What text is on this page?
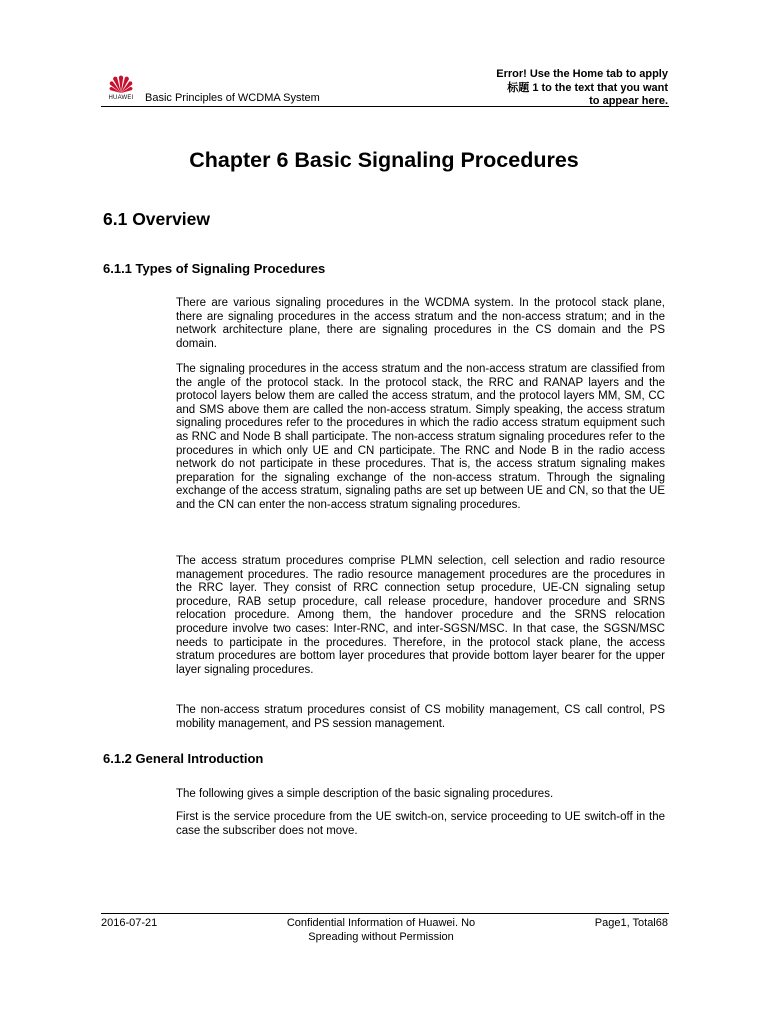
HUAWEI	Basic Principles of WCDMA System
Error! Use the Home tab to apply
标题 1 to the text that you want
to appear here.
Chapter 6 Basic Signaling Procedures
6.1 Overview
6.1.1 Types of Signaling Procedures
There are various signaling procedures in the WCDMA system. In the protocol stack plane, there are signaling procedures in the access stratum and the non-access stratum; and in the network architecture plane, there are signaling procedures in the CS domain and the PS domain.
The signaling procedures in the access stratum and the non-access stratum are classified from the angle of the protocol stack. In the protocol stack, the RRC and RANAP layers and the protocol layers below them are called the access stratum, and the protocol layers MM, SM, CC and SMS above them are called the non-access stratum. Simply speaking, the access stratum signaling procedures refer to the procedures in which the radio access stratum equipment such as RNC and Node B shall participate. The non-access stratum signaling procedures refer to the procedures in which only UE and CN participate. The RNC and Node B in the radio access network do not participate in these procedures. That is, the access stratum signaling makes preparation for the signaling exchange of the non-access stratum. Through the signaling exchange of the access stratum, signaling paths are set up between UE and CN, so that the UE and the CN can enter the non-access stratum signaling procedures.
The access stratum procedures comprise PLMN selection, cell selection and radio resource management procedures. The radio resource management procedures are the procedures in the RRC layer. They consist of RRC connection setup procedure, UE-CN signaling setup procedure, RAB setup procedure, call release procedure, handover procedure and SRNS relocation procedure. Among them, the handover procedure and the SRNS relocation procedure involve two cases: Inter-RNC, and inter-SGSN/MSC. In that case, the SGSN/MSC needs to participate in the procedures. Therefore, in the protocol stack plane, the access stratum procedures are bottom layer procedures that provide bottom layer bearer for the upper layer signaling procedures.
The non-access stratum procedures consist of CS mobility management, CS call control, PS mobility management, and PS session management.
6.1.2 General Introduction
The following gives a simple description of the basic signaling procedures.
First is the service procedure from the UE switch-on, service proceeding to UE switch-off in the case the subscriber does not move.
2016-07-21	Confidential Information of Huawei. No
Spreading without Permission
Page1, Total68
